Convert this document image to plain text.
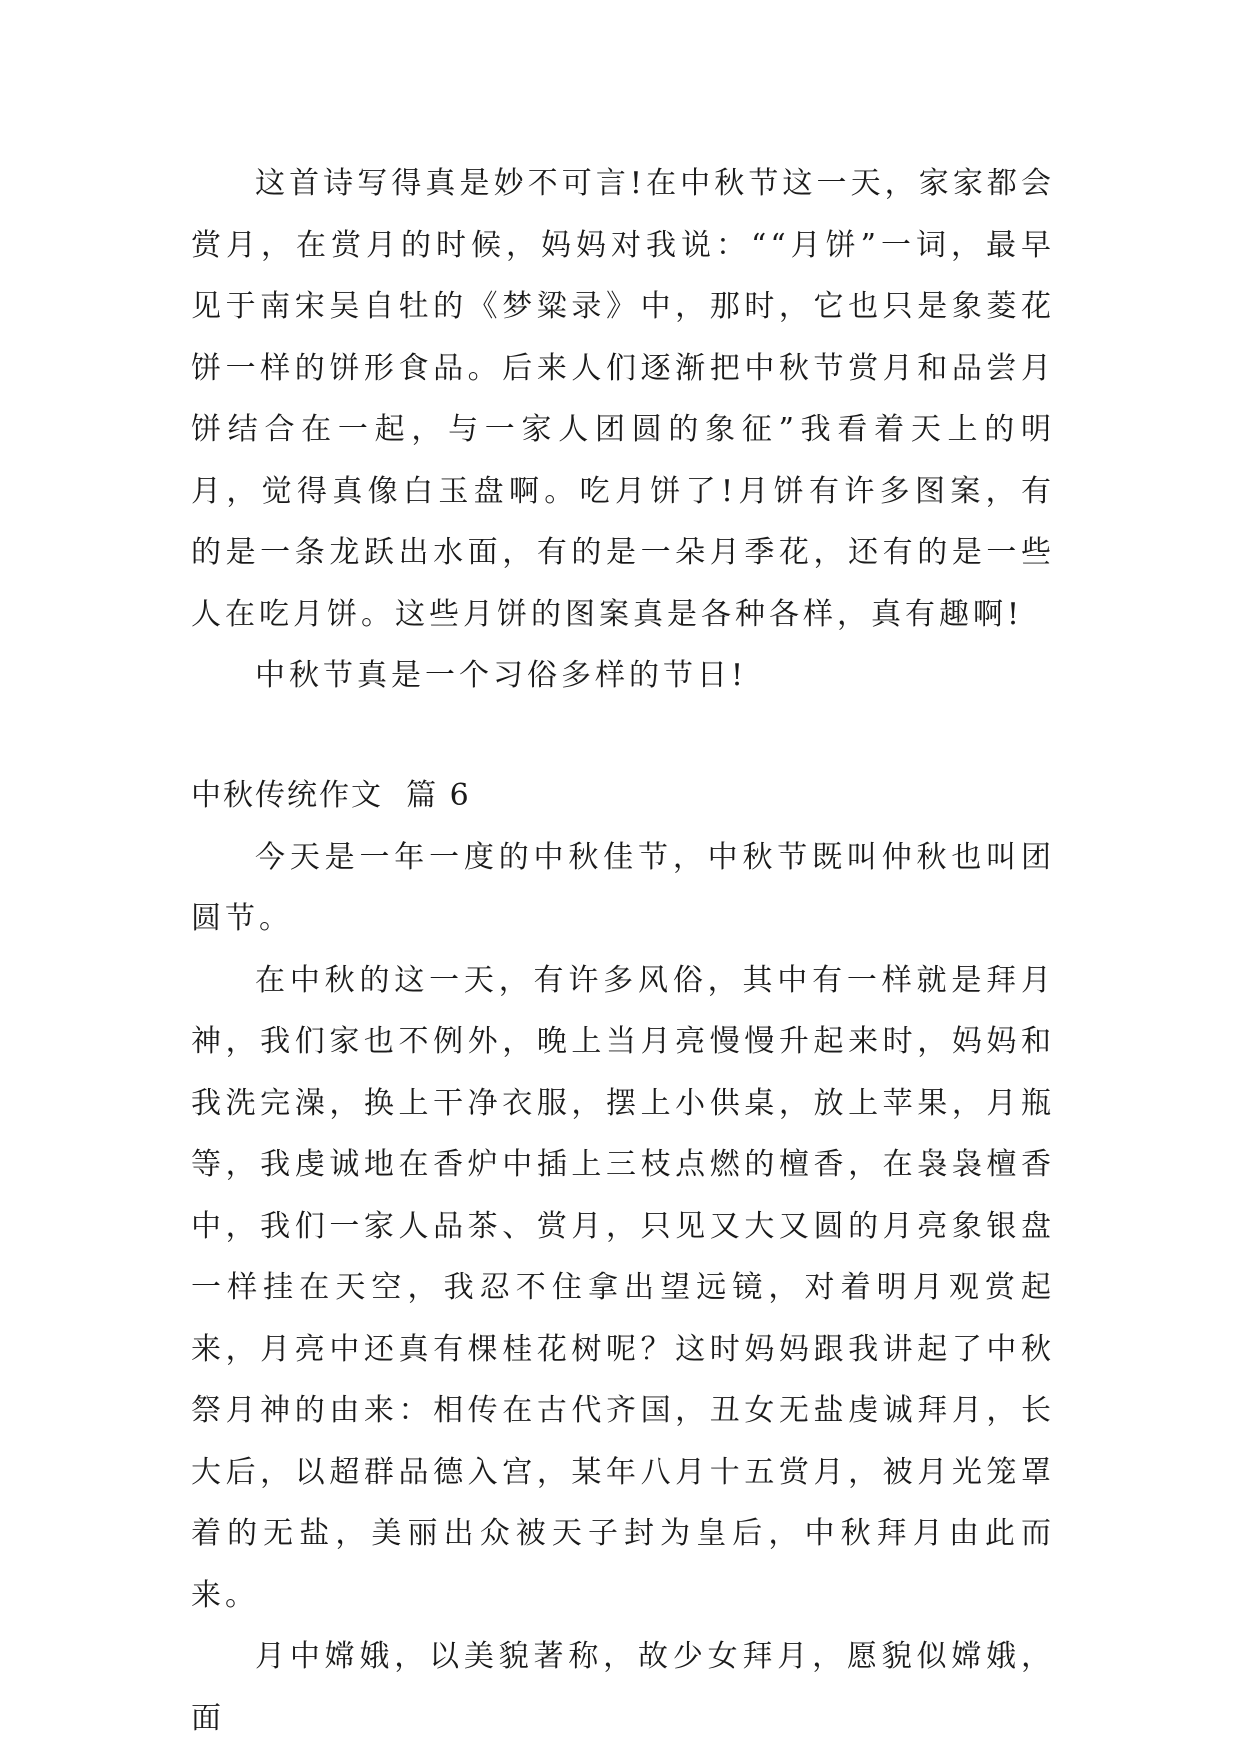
这首诗写得真是妙不可言!在中秋节这一天，家家都会赏月，在赏月的时候，妈妈对我说：““月饼”一词，最早见于南宋吴自牡的《梦粱录》中，那时，它也只是象菱花饼一样的饼形食品。后来人们逐渐把中秋节赏月和品尝月饼结合在一起，与一家人团圆的象征”我看着天上的明月，觉得真像白玉盘啊。吃月饼了!月饼有许多图案，有的是一条龙跃出水面，有的是一朵月季花，还有的是一些人在吃月饼。这些月饼的图案真是各种各样，真有趣啊!

中秋节真是一个习俗多样的节日!

中秋传统作文  篇 6

今天是一年一度的中秋佳节，中秋节既叫仲秋也叫团圆节。

在中秋的这一天，有许多风俗，其中有一样就是拜月神，我们家也不例外，晚上当月亮慢慢升起来时，妈妈和我洗完澡，换上干净衣服，摆上小供桌，放上苹果，月瓶等，我虔诚地在香炉中插上三枝点燃的檀香，在袅袅檀香中，我们一家人品茶、赏月，只见又大又圆的月亮象银盘一样挂在天空，我忍不住拿出望远镜，对着明月观赏起来，月亮中还真有棵桂花树呢？这时妈妈跟我讲起了中秋祭月神的由来：相传在古代齐国，丑女无盐虔诚拜月，长大后，以超群品德入宫，某年八月十五赏月，被月光笼罩着的无盐，美丽出众被天子封为皇后，中秋拜月由此而来。

月中嫦娥，以美貌著称，故少女拜月，愿貌似嫦娥，面
